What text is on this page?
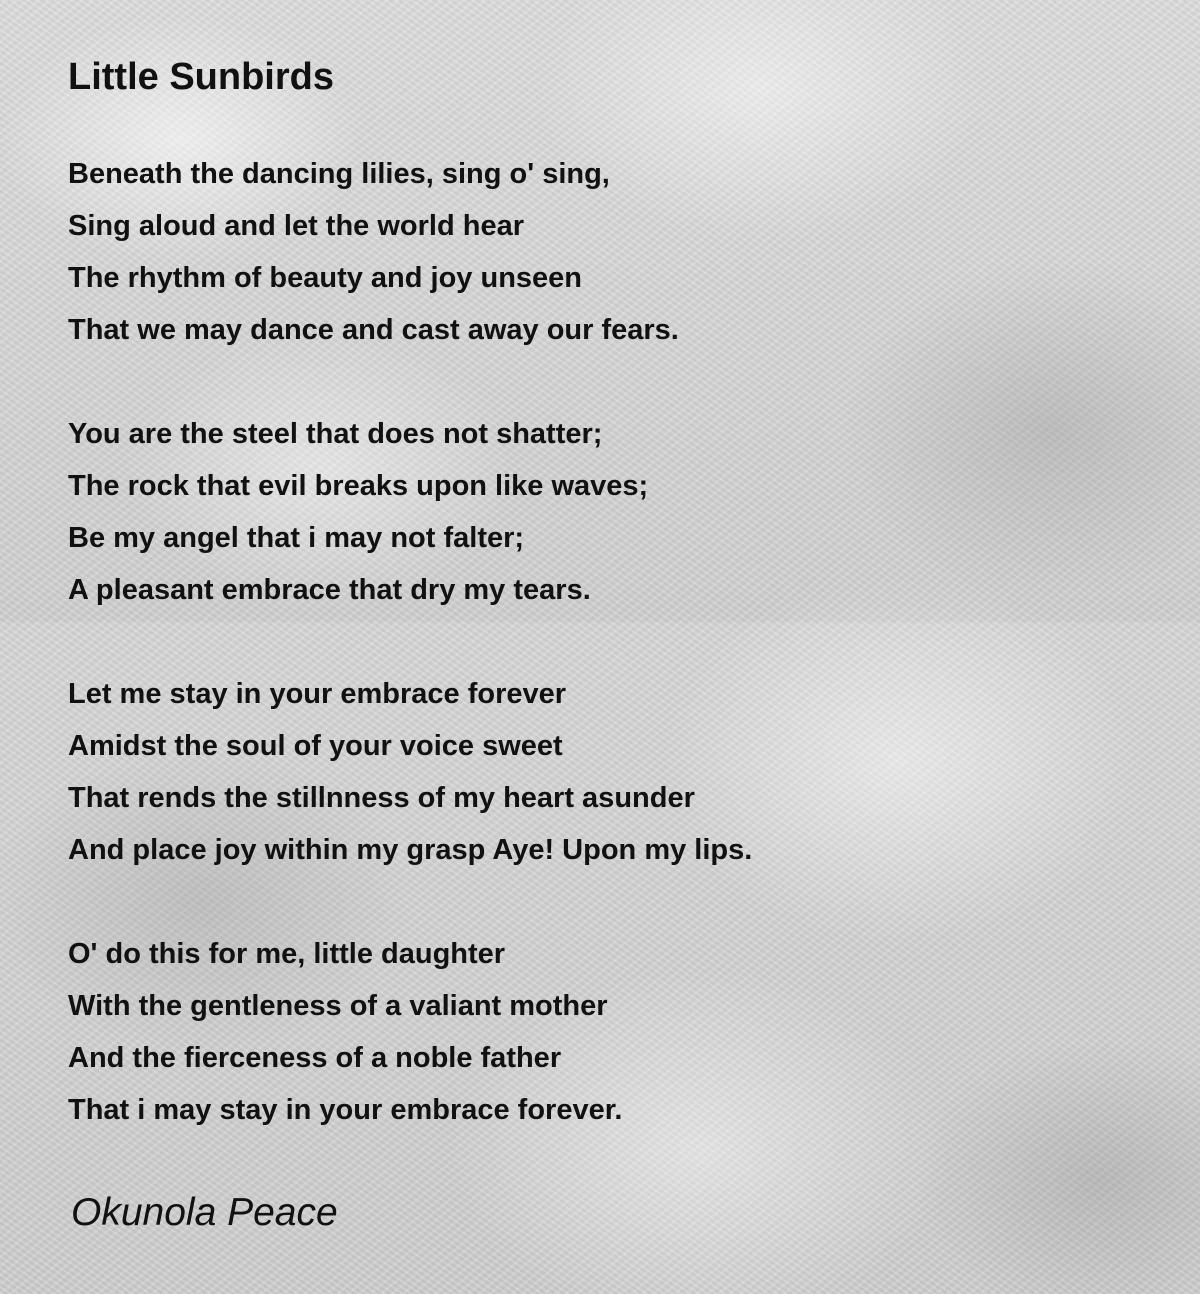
Little Sunbirds
Beneath the dancing lilies, sing o' sing,
Sing aloud and let the world hear
The rhythm of beauty and joy unseen
That we may dance and cast away our fears.
You are the steel that does not shatter;
The rock that evil breaks upon like waves;
Be my angel that i may not falter;
A pleasant embrace that dry my tears.
Let me stay in your embrace forever
Amidst the soul of your voice sweet
That rends the stillnness of my heart asunder
And place joy within my grasp Aye! Upon my lips.
O' do this for me, little daughter
With the gentleness of a valiant mother
And the fierceness of a noble father
That i may stay in your embrace forever.
Okunola Peace
